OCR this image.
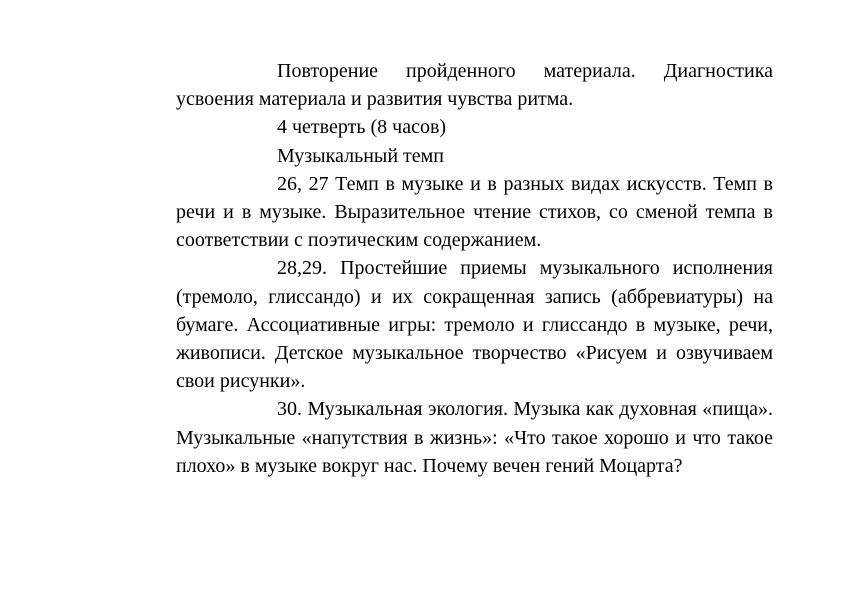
Повторение пройденного материала. Диагностика усвоения материала и развития чувства ритма.

4 четверть (8 часов)

Музыкальный темп

26, 27 Темп в музыке и в разных видах искусств. Темп в речи и в музыке. Выразительное чтение стихов, со сменой темпа в соответствии с поэтическим содержанием.

28,29. Простейшие приемы музыкального исполнения (тремоло, глиссандо) и их сокращенная запись (аббревиатуры) на бумаге. Ассоциативные игры: тремоло и глиссандо в музыке, речи, живописи. Детское музыкальное творчество «Рисуем и озвучиваем свои рисунки».

30. Музыкальная экология. Музыка как духовная «пища». Музыкальные «напутствия в жизнь»: «Что такое хорошо и что такое плохо» в музыке вокруг нас. Почему вечен гений Моцарта?
